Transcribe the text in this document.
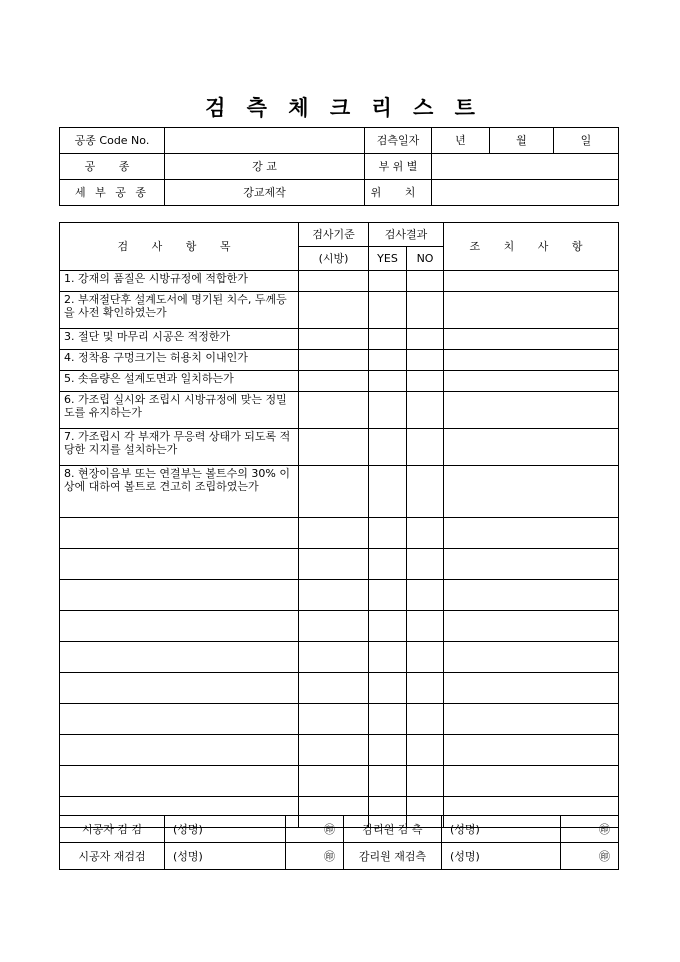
검 측 체 크 리 스 트
공종 Code No.		검측일자	년	월	일
공 종	강 교	부 위 별			
세 부 공 종	강교제작	위 치			
검 사 항 목	검사기준	검사결과		조 치 사 항
	(시방)	YES	NO	
1. 강재의 품질은 시방규정에 적합한가				
2. 부재절단후 설계도서에 명기된 치수, 두께등을 사전 확인하였는가				
3. 절단 및 마무리 시공은 적정한가				
4. 정착용 구멍크기는 허용치 이내인가				
5. 솟음량은 설계도면과 일치하는가				
6. 가조립 실시와 조립시 시방규정에 맞는 정밀도를 유지하는가				
7. 가조립시 각 부재가 무응력 상태가 되도록 적당한 지지를 설치하는가				
8. 현장이음부 또는 연결부는 볼트수의 30% 이상에 대하여 볼트로 견고히 조립하였는가				

시공자 검 검	(성명)	㊞	감리원 검 측	(성명)	㊞
시공자 재검검	(성명)	㊞	감리원 재검측	(성명)	㊞
